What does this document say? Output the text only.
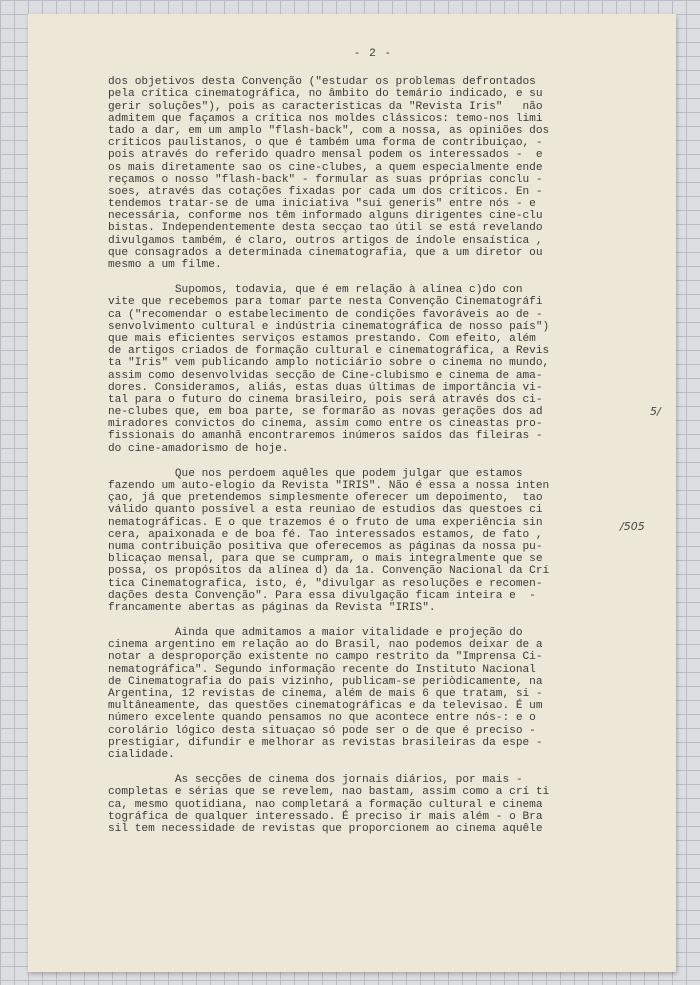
- 2 -
dos objetivos desta Convenção ("estudar os problemas defrontados
pela crítica cinematográfica, no âmbito do temário indicado, e su
gerir soluções"), pois as características da "Revista Iris"   não
admitem que façamos a crítica nos moldes clássicos: temo-nos limi
tado a dar, em um amplo "flash-back", com a nossa, as opiniões dos
críticos paulistanos, o que é também uma forma de contribuiçao, -
pois através do referido quadro mensal podem os interessados -  e
os mais diretamente sao os cine-clubes, a quem especialmente ende
reçamos o nosso "flash-back" - formular as suas próprias conclu -
soes, através das cotações fixadas por cada um dos críticos. En -
tendemos tratar-se de uma iniciativa "sui generis" entre nós - e
necessária, conforme nos têm informado alguns dirigentes cine-clu
bistas. Independentemente desta secçao tao útil se está revelando
divulgamos também, é claro, outros artigos de índole ensaística ,
que consagrados a determinada cinematografia, que a um diretor ou
mesmo a um filme.
Supomos, todavia, que é em relação à alínea c)do con
vite que recebemos para tomar parte nesta Convenção Cinematográfi
ca ("recomendar o estabelecimento de condições favoráveis ao de -
senvolvimento cultural e indústria cinematográfica de nosso país")
que mais eficientes serviços estamos prestando. Com efeito, além
de artigos criados de formação cultural e cinematográfica, a Revis
ta "Iris" vem publicando amplo noticiário sobre o cinema no mundo,
assim como desenvolvidas secção de Cine-clubismo e cinema de ama-
dores. Consideramos, aliás, estas duas últimas de importância vi-
tal para o futuro do cinema brasileiro, pois será através dos ci-
ne-clubes que, em boa parte, se formarão as novas gerações dos ad
miradores convictos do cinema, assim como entre os cineastas pro-
fissionais do amanhã encontraremos inúmeros saídos das fileiras -
do cine-amadorismo de hoje.
Que nos perdoem aquêles que podem julgar que estamos
fazendo um auto-elogio da Revista "IRIS". Não é essa a nossa inten
çao, já que pretendemos simplesmente oferecer um depoimento,  tao
válido quanto possível a esta reuniao de estudios das questoes ci
nematográficas. E o que trazemos é o fruto de uma experiência sin
cera, apaixonada e de boa fé. Tao interessados estamos, de fato ,
numa contribuição positiva que oferecemos as páginas da nossa pu-
blicaçao mensal, para que se cumpram, o mais integralmente que se
possa, os propósitos da alínea d) da 1a. Convenção Nacional da Crí
tica Cinematografica, isto, é, "divulgar as resoluções e recomen-
dações desta Convenção". Para essa divulgação ficam inteira e  -
francamente abertas as páginas da Revista "IRIS".
Ainda que admitamos a maior vitalidade e projeção do
cinema argentino em relação ao do Brasil, nao podemos deixar de a
notar a desproporção existente no campo restrito da "Imprensa Ci-
nematográfica". Segundo informação recente do Instituto Nacional
de Cinematografia do país vizinho, publicam-se periòdicamente, na
Argentina, 12 revistas de cinema, além de mais 6 que tratam, si -
multâneamente, das questões cinematográficas e da televisao. É um
número excelente quando pensamos no que acontece entre nós-: e o
corolário lógico desta situaçao só pode ser o de que é preciso -
prestigiar, difundir e melhorar as revistas brasileiras da espe -
cialidade.
As secções de cinema dos jornais diários, por mais -
completas e sérias que se revelem, nao bastam, assim como a crí ti
ca, mesmo quotidiana, nao completará a formação cultural e cinema
tográfica de qualquer interessado. É preciso ir mais além - o Bra
sil tem necessidade de revistas que proporcionem ao cinema aquêle
5/
/505
